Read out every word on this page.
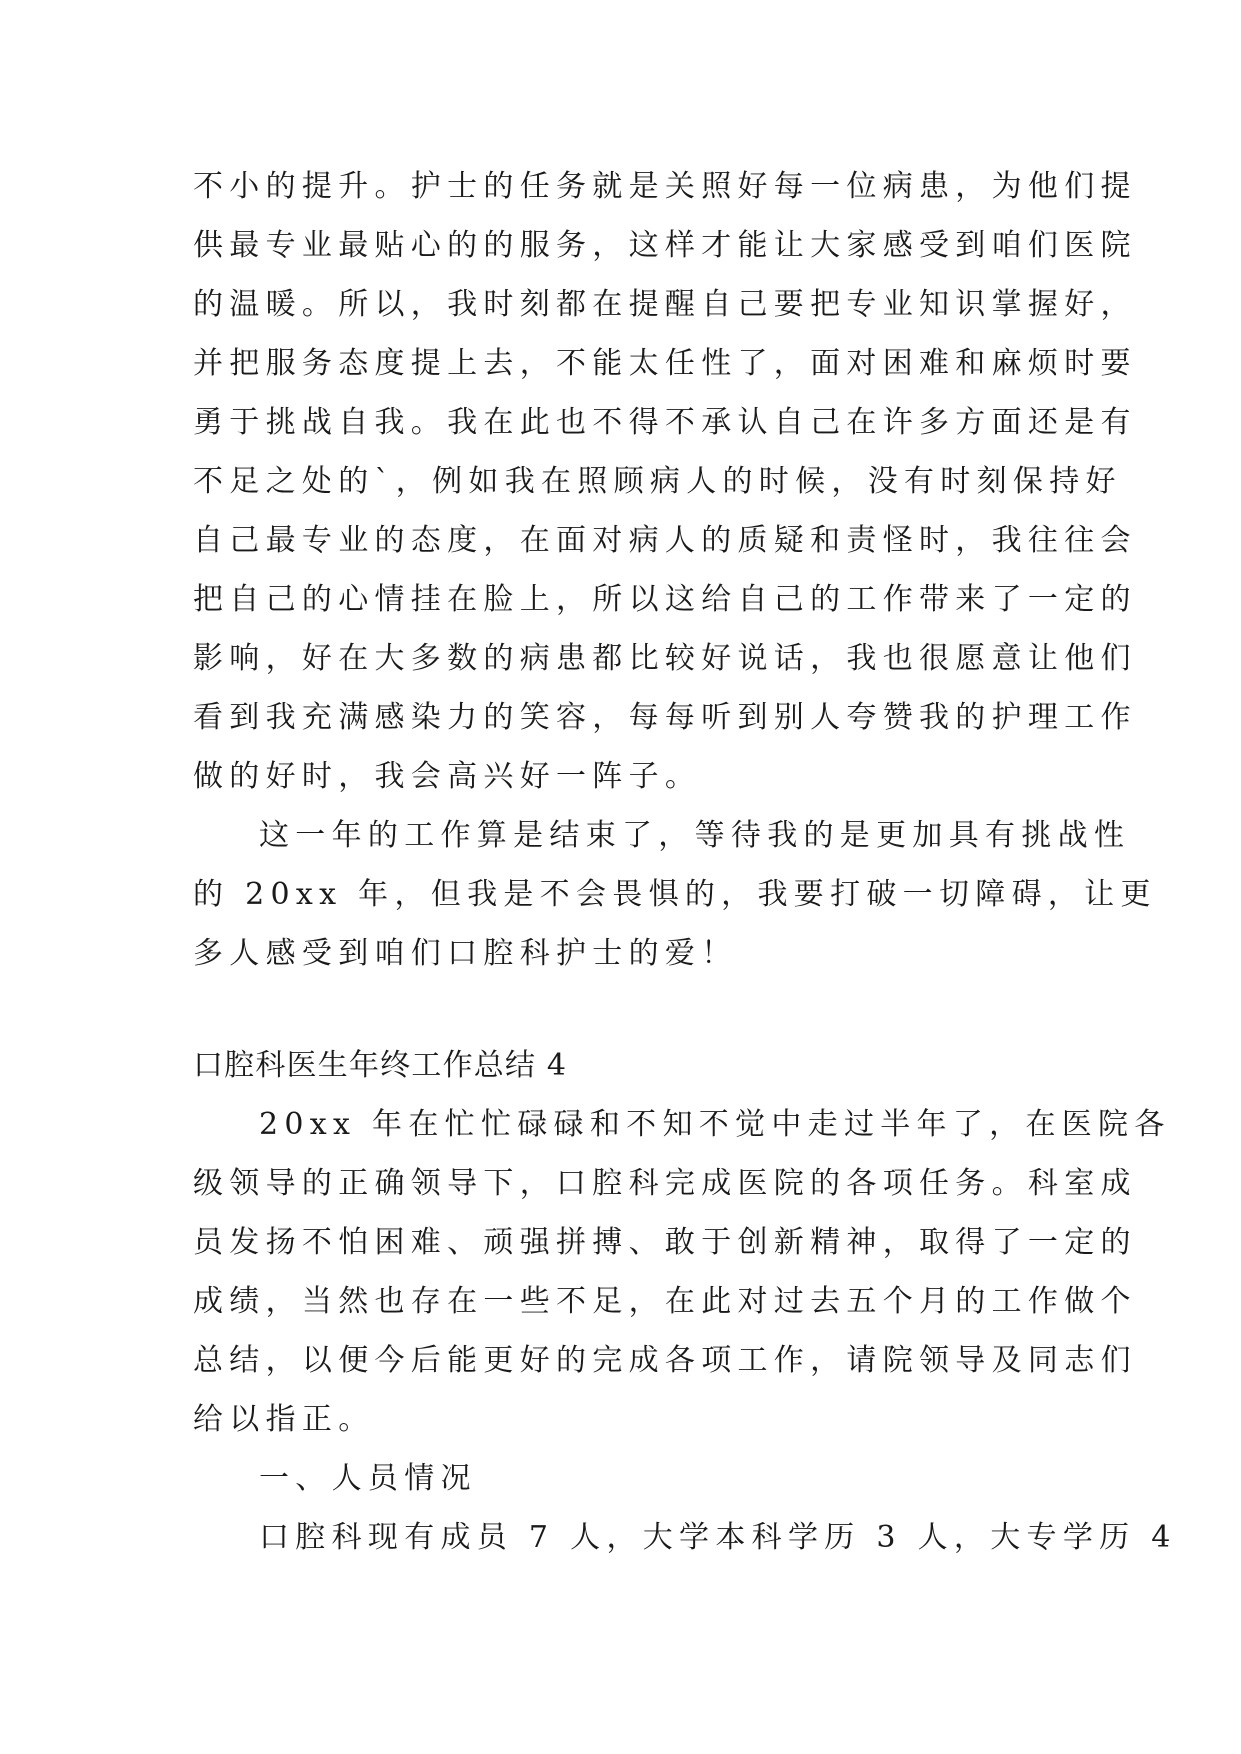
不小的提升。护士的任务就是关照好每一位病患，为他们提
供最专业最贴心的的服务，这样才能让大家感受到咱们医院
的温暖。所以，我时刻都在提醒自己要把专业知识掌握好，
并把服务态度提上去，不能太任性了，面对困难和麻烦时要
勇于挑战自我。我在此也不得不承认自己在许多方面还是有
不足之处的`，例如我在照顾病人的时候，没有时刻保持好
自己最专业的态度，在面对病人的质疑和责怪时，我往往会
把自己的心情挂在脸上，所以这给自己的工作带来了一定的
影响，好在大多数的病患都比较好说话，我也很愿意让他们
看到我充满感染力的笑容，每每听到别人夸赞我的护理工作
做的好时，我会高兴好一阵子。
这一年的工作算是结束了，等待我的是更加具有挑战性
的 20xx 年，但我是不会畏惧的，我要打破一切障碍，让更
多人感受到咱们口腔科护士的爱！
口腔科医生年终工作总结 4
20xx 年在忙忙碌碌和不知不觉中走过半年了，在医院各
级领导的正确领导下，口腔科完成医院的各项任务。科室成
员发扬不怕困难、顽强拼搏、敢于创新精神，取得了一定的
成绩，当然也存在一些不足，在此对过去五个月的工作做个
总结，以便今后能更好的完成各项工作，请院领导及同志们
给以指正。
一、人员情况
口腔科现有成员 7 人，大学本科学历 3 人，大专学历 4
